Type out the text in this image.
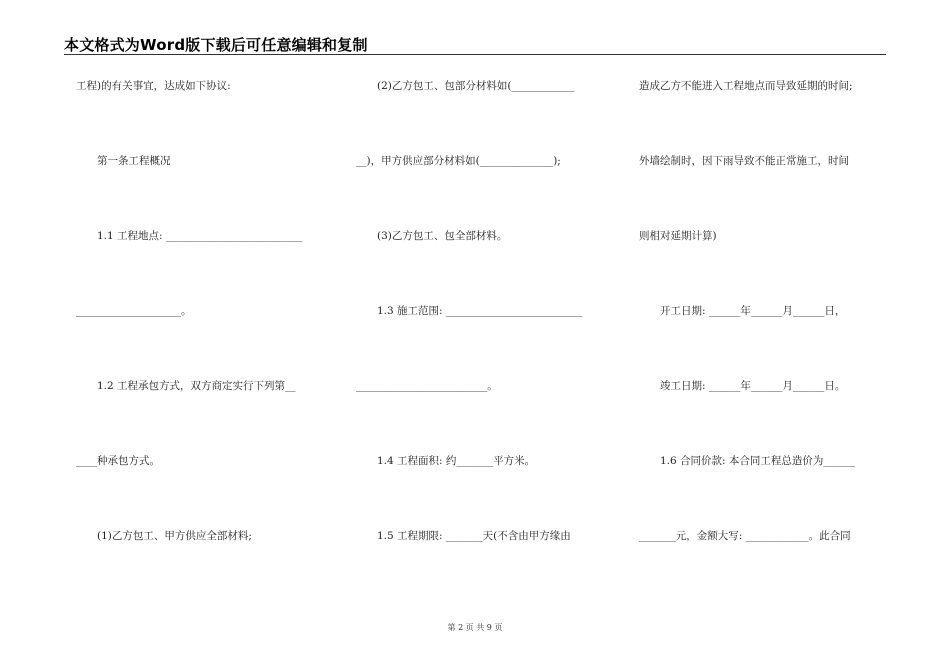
本文格式为Word版下载后可任意编辑和复制
工程)的有关事宜，达成如下协议:
　　第一条工程概况
　　1.1 工程地点: __________________________
____________________。
　　1.2 工程承包方式，双方商定实行下列第__
____种承包方式。
　　(1)乙方包工、甲方供应全部材料;
　　(2)乙方包工、包部分材料如(____________
__)，甲方供应部分材料如(______________);
　　(3)乙方包工、包全部材料。
　　1.3 施工范围: __________________________
_________________________。
　　1.4 工程面积: 约_______平方米。
　　1.5 工程期限: _______天(不含由甲方缘由
造成乙方不能进入工程地点而导致延期的时间;
外墙绘制时，因下雨导致不能正常施工，时间
则相对延期计算)
　　开工日期: ______年______月______日，
　　竣工日期: ______年______月______日。
　　1.6 合同价款: 本合同工程总造价为______
_______元，金额大写: ____________。此合同
第 2 页 共 9 页
